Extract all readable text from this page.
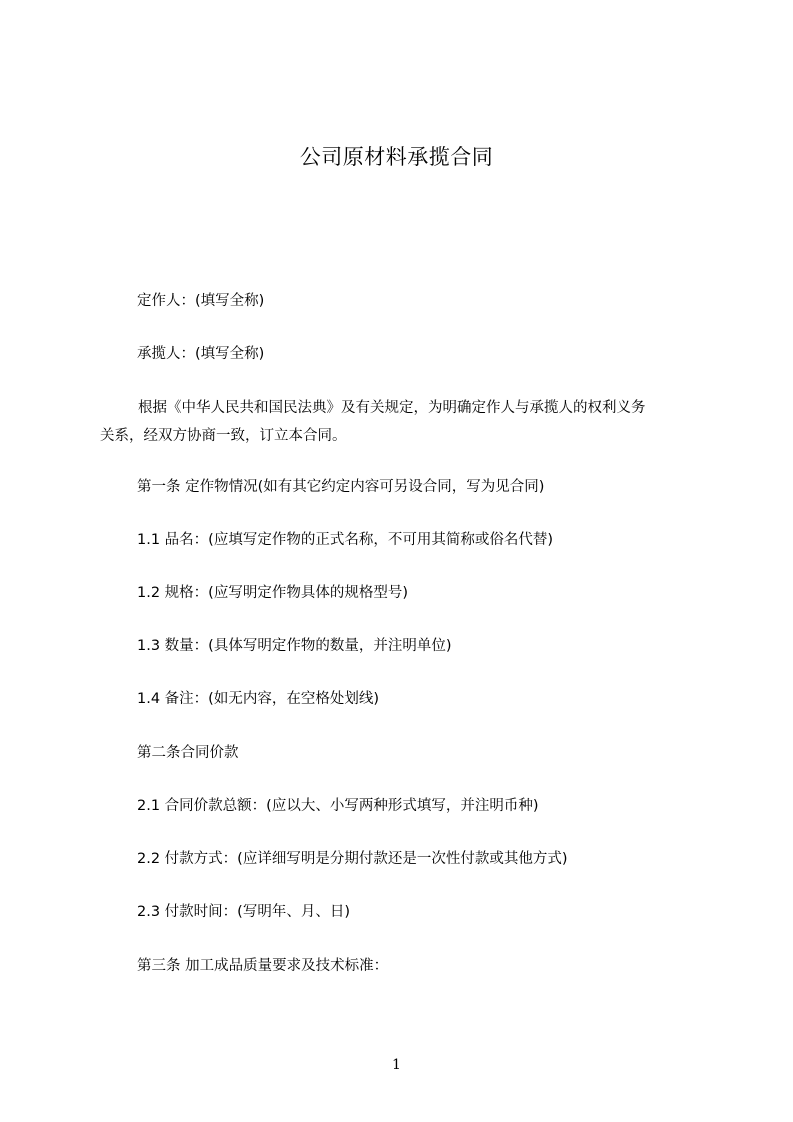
公司原材料承揽合同
定作人：(填写全称)
承揽人：(填写全称)
根据《中华人民共和国民法典》及有关规定，为明确定作人与承揽人的权利义务
关系，经双方协商一致，订立本合同。
第一条 定作物情况(如有其它约定内容可另设合同，写为见合同)
1.1 品名：(应填写定作物的正式名称，不可用其简称或俗名代替)
1.2 规格：(应写明定作物具体的规格型号)
1.3 数量：(具体写明定作物的数量，并注明单位)
1.4 备注：(如无内容，在空格处划线)
第二条合同价款
2.1 合同价款总额：(应以大、小写两种形式填写，并注明币种)
2.2 付款方式：(应详细写明是分期付款还是一次性付款或其他方式)
2.3 付款时间：(写明年、月、日)
第三条 加工成品质量要求及技术标准：
1
